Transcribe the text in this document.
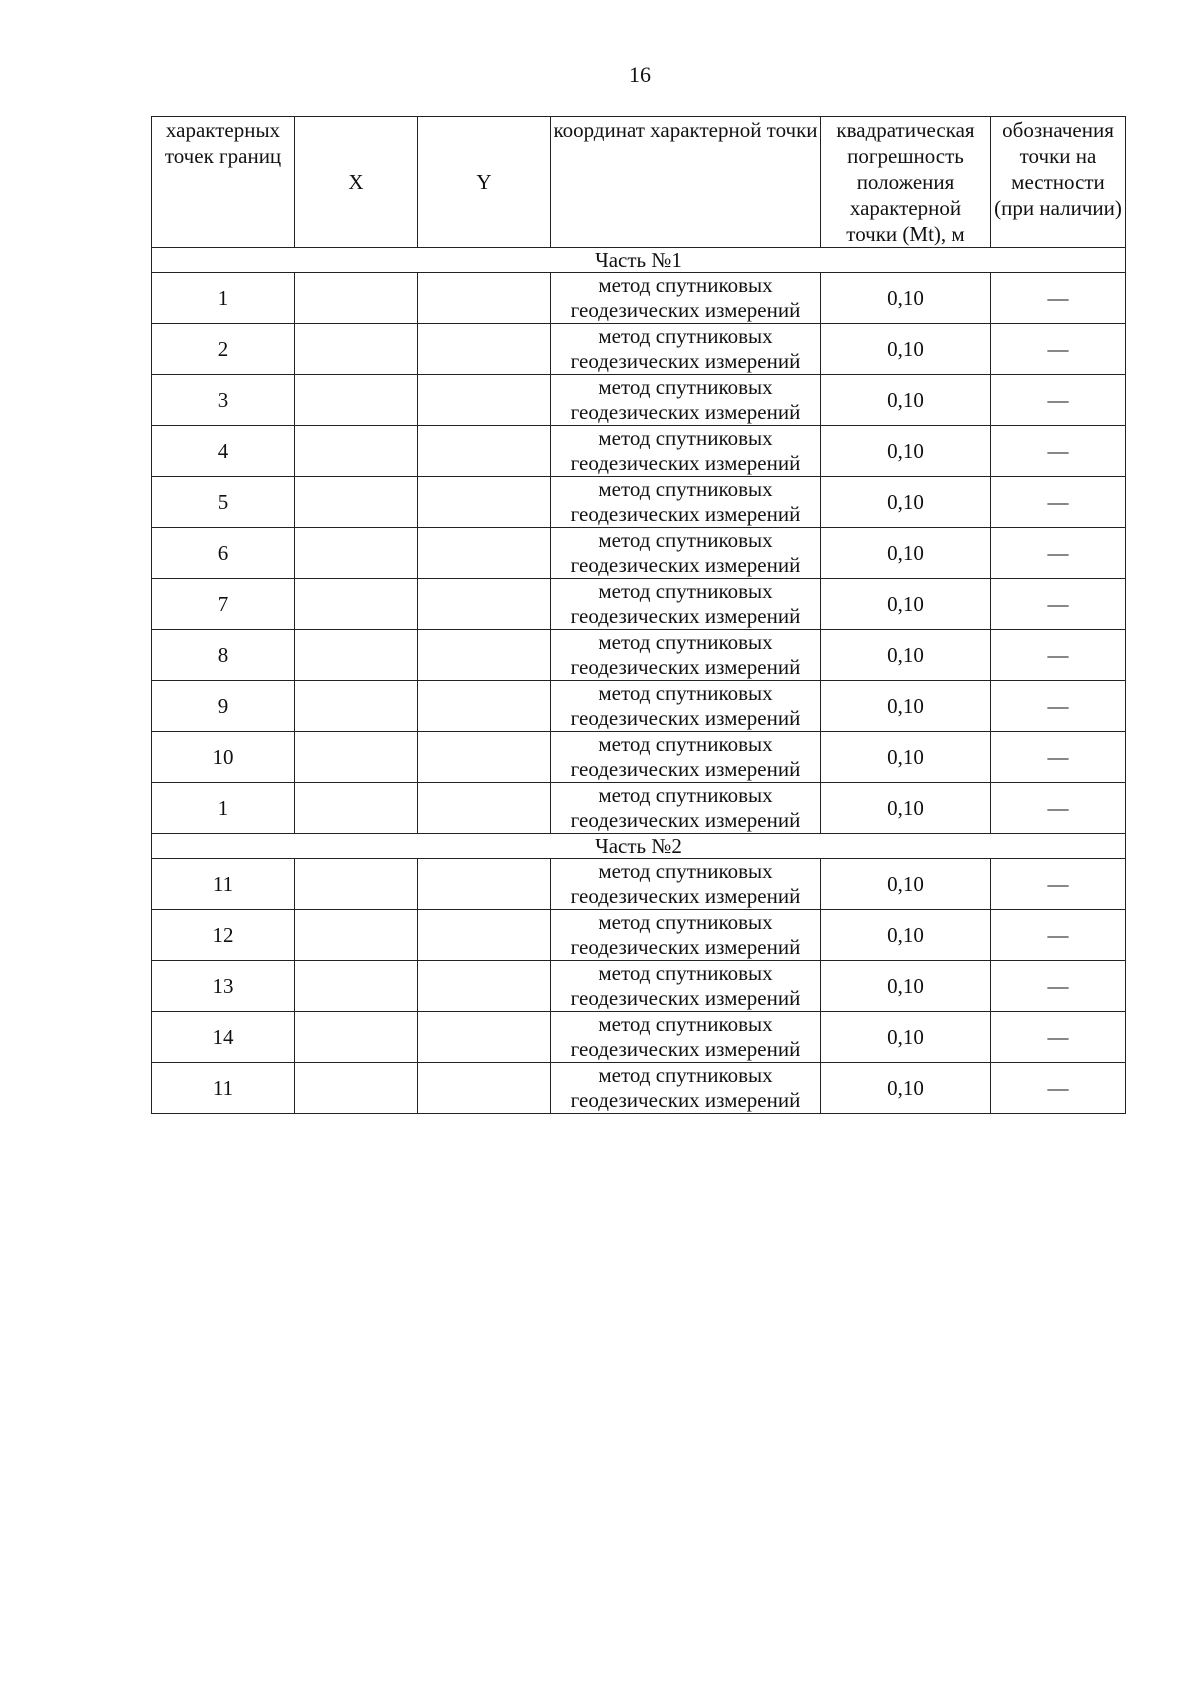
16
характерных точек границ	X	Y	координат характерной точки	квадратическая погрешность положения характерной точки (Mt), м	обозначения точки на местности (при наличии)
Часть №1					
1			метод спутниковых
геодезических измерений	0,10	—
2			метод спутниковых
геодезических измерений	0,10	—
3			метод спутниковых
геодезических измерений	0,10	—
4			метод спутниковых
геодезических измерений	0,10	—
5			метод спутниковых
геодезических измерений	0,10	—
6			метод спутниковых
геодезических измерений	0,10	—
7			метод спутниковых
геодезических измерений	0,10	—
8			метод спутниковых
геодезических измерений	0,10	—
9			метод спутниковых
геодезических измерений	0,10	—
10			метод спутниковых
геодезических измерений	0,10	—
1			метод спутниковых
геодезических измерений	0,10	—
Часть №2					
11			метод спутниковых
геодезических измерений	0,10	—
12			метод спутниковых
геодезических измерений	0,10	—
13			метод спутниковых
геодезических измерений	0,10	—
14			метод спутниковых
геодезических измерений	0,10	—
11			метод спутниковых
геодезических измерений	0,10	—
